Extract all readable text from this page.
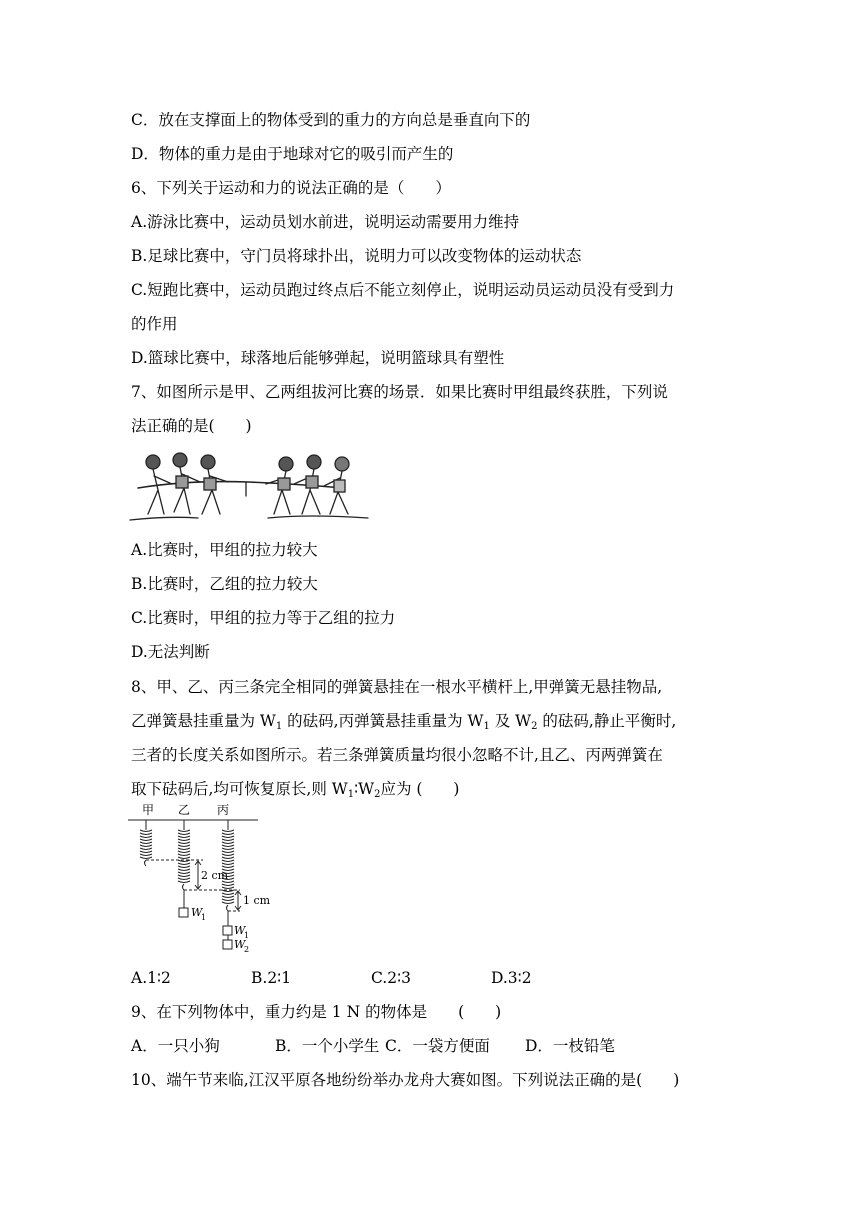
C．放在支撑面上的物体受到的重力的方向总是垂直向下的
D．物体的重力是由于地球对它的吸引而产生的
6、下列关于运动和力的说法正确的是（　　）
A.游泳比赛中，运动员划水前进，说明运动需要用力维持
B.足球比赛中，守门员将球扑出，说明力可以改变物体的运动状态
C.短跑比赛中，运动员跑过终点后不能立刻停止，说明运动员运动员没有受到力
的作用
D.篮球比赛中，球落地后能够弹起，说明篮球具有塑性
7、如图所示是甲、乙两组拔河比赛的场景．如果比赛时甲组最终获胜，下列说
法正确的是(　　)
A.比赛时，甲组的拉力较大
B.比赛时，乙组的拉力较大
C.比赛时，甲组的拉力等于乙组的拉力
D.无法判断
8、甲、乙、丙三条完全相同的弹簧悬挂在一根水平横杆上,甲弹簧无悬挂物品,
乙弹簧悬挂重量为 $W_1$ 的砝码,丙弹簧悬挂重量为 $W_1$ 及 $W_2$ 的砝码,静止平衡时,
三者的长度关系如图所示。若三条弹簧质量均很小忽略不计,且乙、丙两弹簧在
取下砝码后,均可恢复原长,则 $W_1∶W_2$应为 (　　)
甲 乙 丙
2 cm
1 cm
W
1
W
1
W
2
A.1∶2	B.2∶1	C.2∶3	D.3∶2
9、在下列物体中，重力约是 1 N 的物体是　　(　　)
A．一只小狗	B．一个小学生 C．一袋方便面 D．一枝铅笔
10、端午节来临,江汉平原各地纷纷举办龙舟大赛如图。下列说法正确的是(　　)
